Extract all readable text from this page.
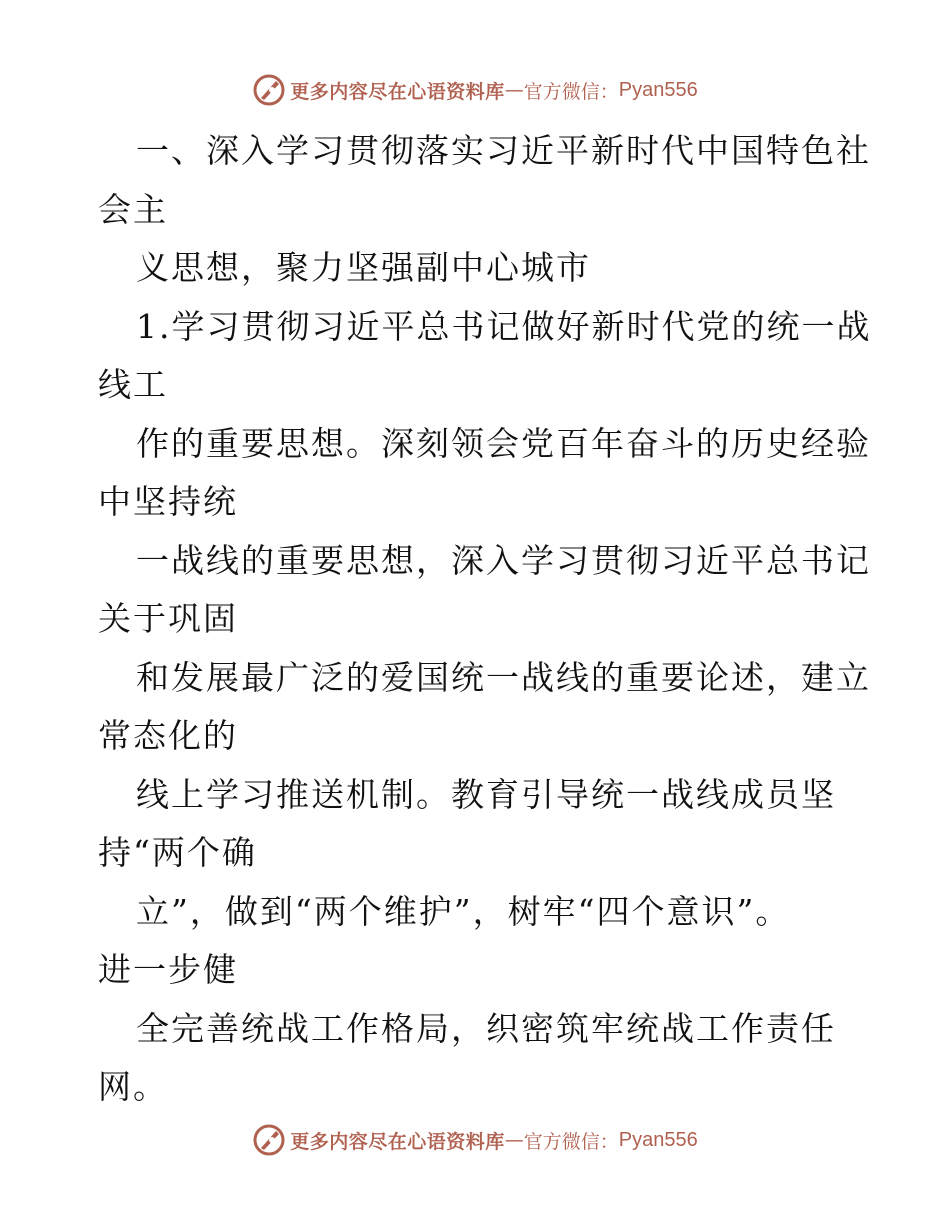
更多内容尽在心语资料库 — 官方微信： Pyan556
一、深入学习贯彻落实习近平新时代中国特色社
会主
义思想，聚力坚强副中心城市
1.学习贯彻习近平总书记做好新时代党的统一战
线工
作的重要思想。深刻领会党百年奋斗的历史经验
中坚持统
一战线的重要思想，深入学习贯彻习近平总书记
关于巩固
和发展最广泛的爱国统一战线的重要论述，建立
常态化的
线上学习推送机制。教育引导统一战线成员坚
持“两个确
立”，做到“两个维护”，树牢“四个意识”。
进一步健
全完善统战工作格局，织密筑牢统战工作责任
网。
更多内容尽在心语资料库 — 官方微信： Pyan556
